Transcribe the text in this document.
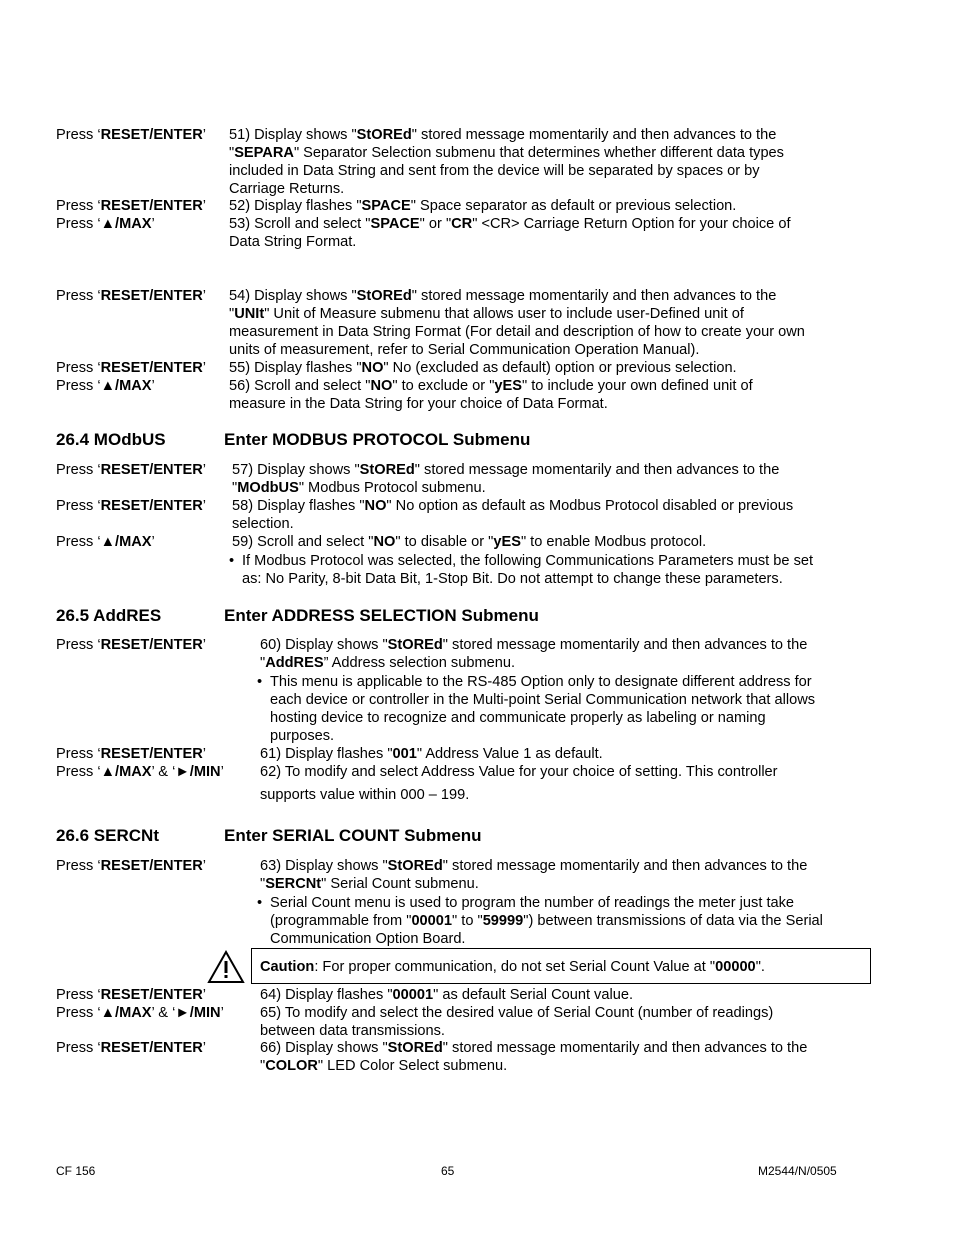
26.4 MOdbUS	Enter MODBUS PROTOCOL Submenu
26.5 AddRES	Enter ADDRESS SELECTION Submenu
26.6 SERCNt	Enter SERIAL COUNT Submenu
Press ‘RESET/ENTER’ 51) Display shows "StOREd" stored message momentarily and then advances to the
"SEPARA" Separator Selection submenu that determines whether different data types
included in Data String and sent from the device will be separated by spaces or by
Carriage Returns.
Press ‘RESET/ENTER’ 52) Display flashes "SPACE" Space separator as default or previous selection.
Press ‘▲/MAX’	53) Scroll and select "SPACE" or "CR" <CR> Carriage Return Option for your choice of
Data String Format.
Press ‘RESET/ENTER’ 54) Display shows "StOREd" stored message momentarily and then advances to the
"UNIt" Unit of Measure submenu that allows user to include user-Defined unit of
measurement in Data String Format (For detail and description of how to create your own
units of measurement, refer to Serial Communication Operation Manual).
Press ‘RESET/ENTER’ 55) Display flashes "NO" No (excluded as default) option or previous selection.
Press ‘▲/MAX’	56) Scroll and select "NO" to exclude or "yES" to include your own defined unit of
measure in the Data String for your choice of Data Format.
Press ‘RESET/ENTER’ 57) Display shows "StOREd" stored message momentarily and then advances to the
"MOdbUS" Modbus Protocol submenu.
Press ‘RESET/ENTER’ 58) Display flashes "NO" No option as default as Modbus Protocol disabled or previous
selection.
Press ‘▲/MAX’	59) Scroll and select "NO" to disable or "yES" to enable Modbus protocol.
• If Modbus Protocol was selected, the following Communications Parameters must be set
as: No Parity, 8-bit Data Bit, 1-Stop Bit. Do not attempt to change these parameters.
Press ‘RESET/ENTER’	60) Display shows "StOREd" stored message momentarily and then advances to the
"AddRES” Address selection submenu.
• This menu is applicable to the RS-485 Option only to designate different address for
each device or controller in the Multi-point Serial Communication network that allows
hosting device to recognize and communicate properly as labeling or naming
purposes.
Press ‘RESET/ENTER’	61) Display flashes "001" Address Value 1 as default.
Press ‘▲/MAX’ & ‘►/MIN’ 62) To modify and select Address Value for your choice of setting. This controller
supports value within 000 – 199.
Press ‘RESET/ENTER’	63) Display shows "StOREd" stored message momentarily and then advances to the
"SERCNt" Serial Count submenu.
• Serial Count menu is used to program the number of readings the meter just take
(programmable from "00001" to "59999") between transmissions of data via the Serial
Communication Option Board.
Caution: For proper communication, do not set Serial Count Value at "00000".
Press ‘RESET/ENTER’	64) Display flashes "00001" as default Serial Count value.
Press ‘▲/MAX’ & ‘►/MIN’ 65) To modify and select the desired value of Serial Count (number of readings)
between data transmissions.
Press ‘RESET/ENTER’	66) Display shows "StOREd" stored message momentarily and then advances to the
"COLOR" LED Color Select submenu.
CF 156	65	M2544/N/0505
